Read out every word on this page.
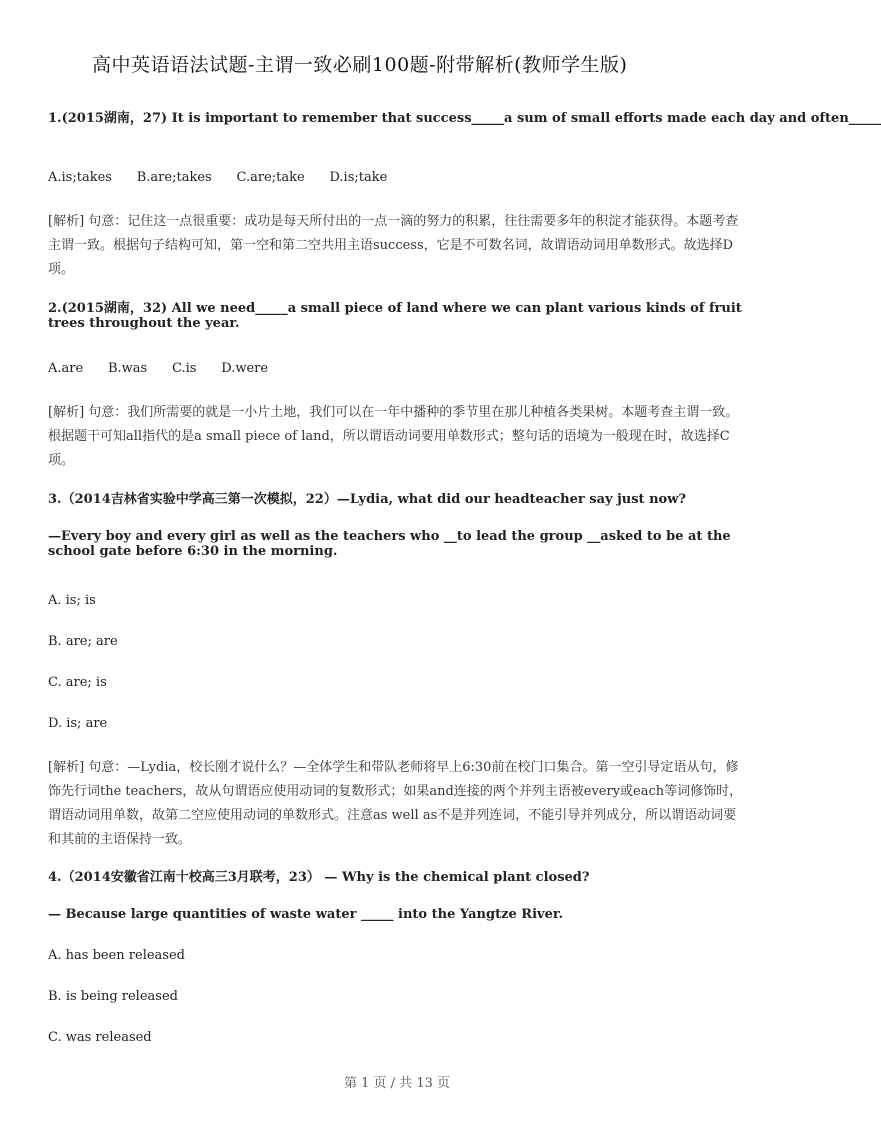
高中英语语法试题-主谓一致必刷100题-附带解析(教师学生版)
1.(2015湖南，27) It is important to remember that success_____a sum of small efforts made each day and often_____
A.is;takes      B.are;takes      C.are;take      D.is;take
[解析] 句意：记住这一点很重要：成功是每天所付出的一点一滴的努力的积累，往往需要多年的积淀才能获得。本题考查主谓一致。根据句子结构可知，第一空和第二空共用主语success，它是不可数名词，故谓语动词用单数形式。故选择D项。
2.(2015湖南，32) All we need_____a small piece of land where we can plant various kinds of fruit trees throughout the year.
A.are      B.was      C.is      D.were
[解析] 句意：我们所需要的就是一小片土地，我们可以在一年中播种的季节里在那儿种植各类果树。本题考查主谓一致。根据题干可知all指代的是a small piece of land，所以谓语动词要用单数形式；整句话的语境为一般现在时，故选择C项。
3.（2014吉林省实验中学高三第一次模拟，22）—Lydia, what did our headteacher say just now?
—Every boy and every girl as well as the teachers who __to lead the group __asked to be at the school gate before 6:30 in the morning.
A. is; is
B. are; are
C. are; is
D. is; are
[解析] 句意：—Lydia，校长刚才说什么？—全体学生和带队老师将早上6:30前在校门口集合。第一空引导定语从句，修饰先行词the teachers，故从句谓语应使用动词的复数形式；如果and连接的两个并列主语被every或each等词修饰时，谓语动词用单数，故第二空应使用动词的单数形式。注意as well as不是并列连词，不能引导并列成分，所以谓语动词要和其前的主语保持一致。
4.（2014安徽省江南十校高三3月联考，23） — Why is the chemical plant closed?
— Because large quantities of waste water _____ into the Yangtze River.
A. has been released
B. is being released
C. was released
第 1 页 / 共 13 页
